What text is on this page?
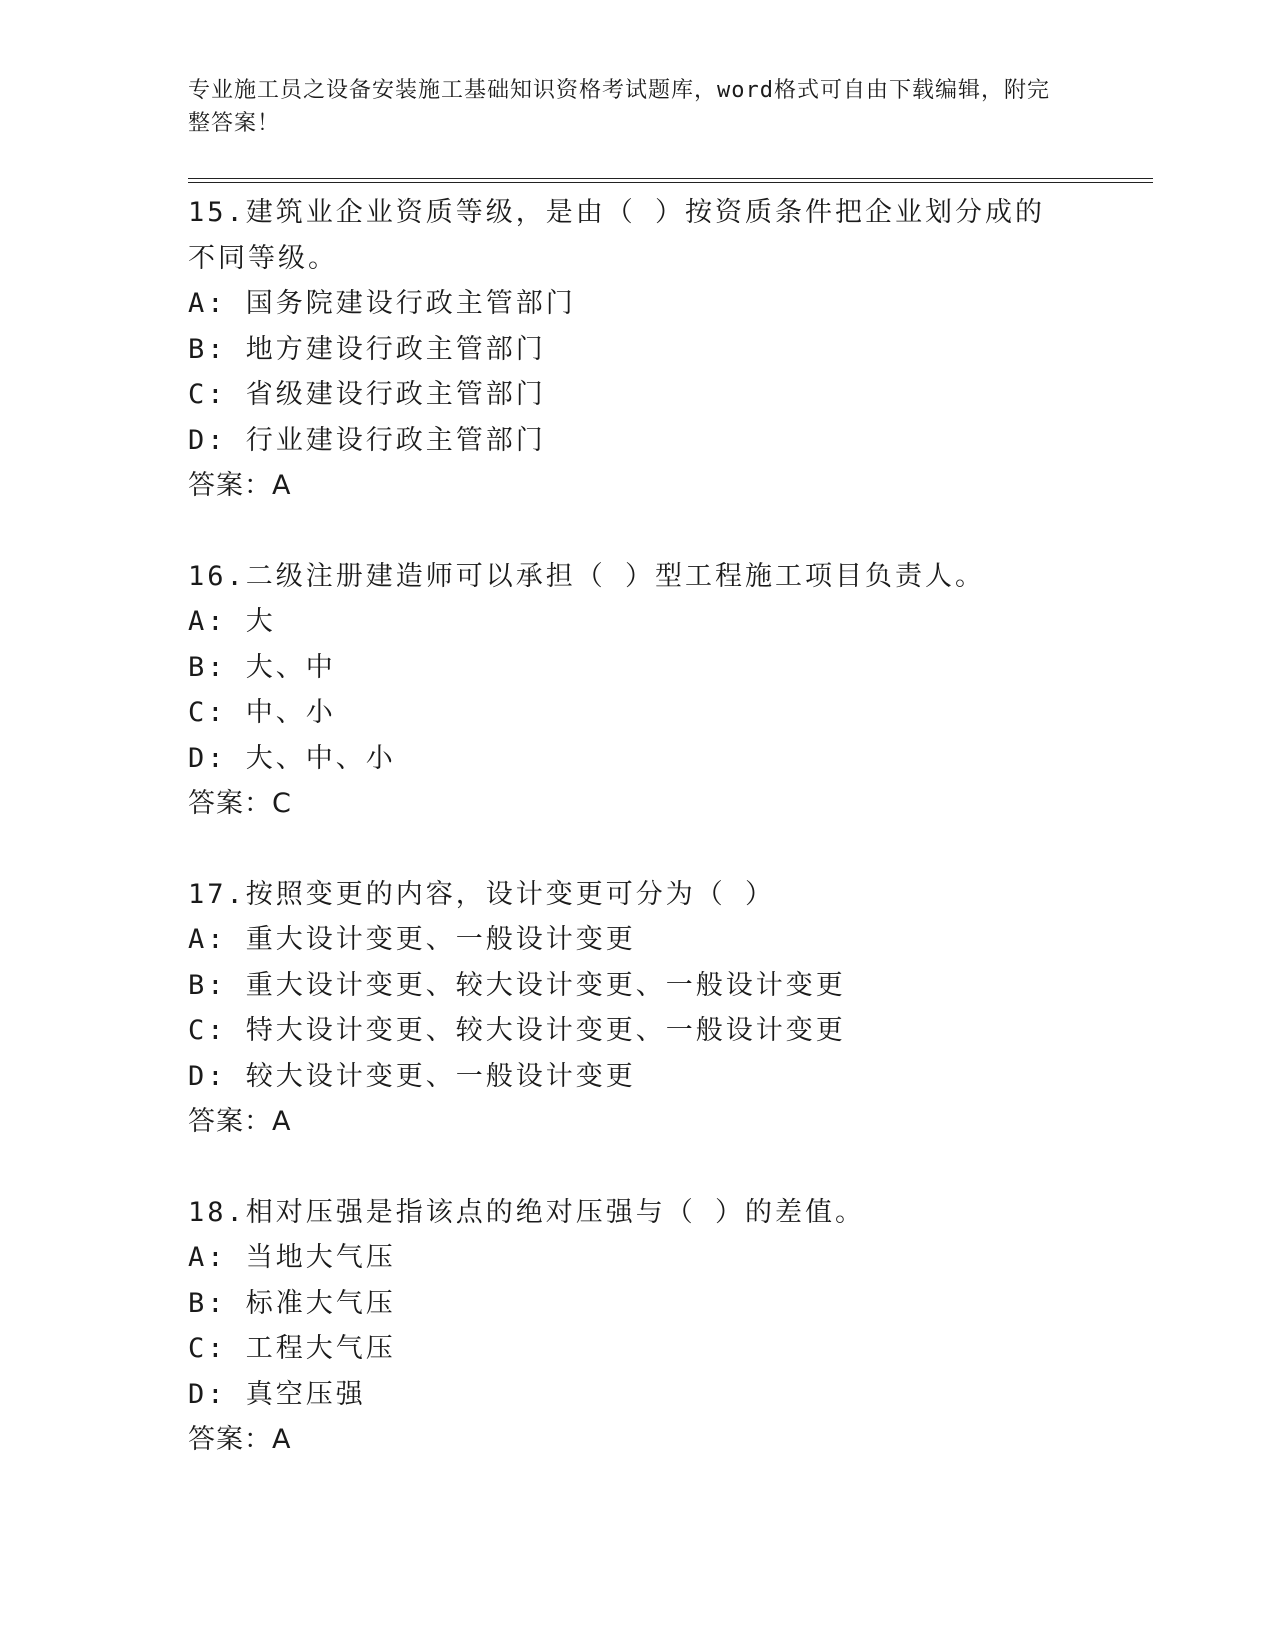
专业施工员之设备安装施工基础知识资格考试题库，word格式可自由下载编辑，附完整答案！
15.建筑业企业资质等级，是由（ ）按资质条件把企业划分成的不同等级。
A: 国务院建设行政主管部门
B: 地方建设行政主管部门
C: 省级建设行政主管部门
D: 行业建设行政主管部门
答案：A
16.二级注册建造师可以承担（ ）型工程施工项目负责人。
A: 大
B: 大、中
C: 中、小
D: 大、中、小
答案：C
17.按照变更的内容，设计变更可分为（ ）
A: 重大设计变更、一般设计变更
B: 重大设计变更、较大设计变更、一般设计变更
C: 特大设计变更、较大设计变更、一般设计变更
D: 较大设计变更、一般设计变更
答案：A
18.相对压强是指该点的绝对压强与（ ）的差值。
A: 当地大气压
B: 标准大气压
C: 工程大气压
D: 真空压强
答案：A
